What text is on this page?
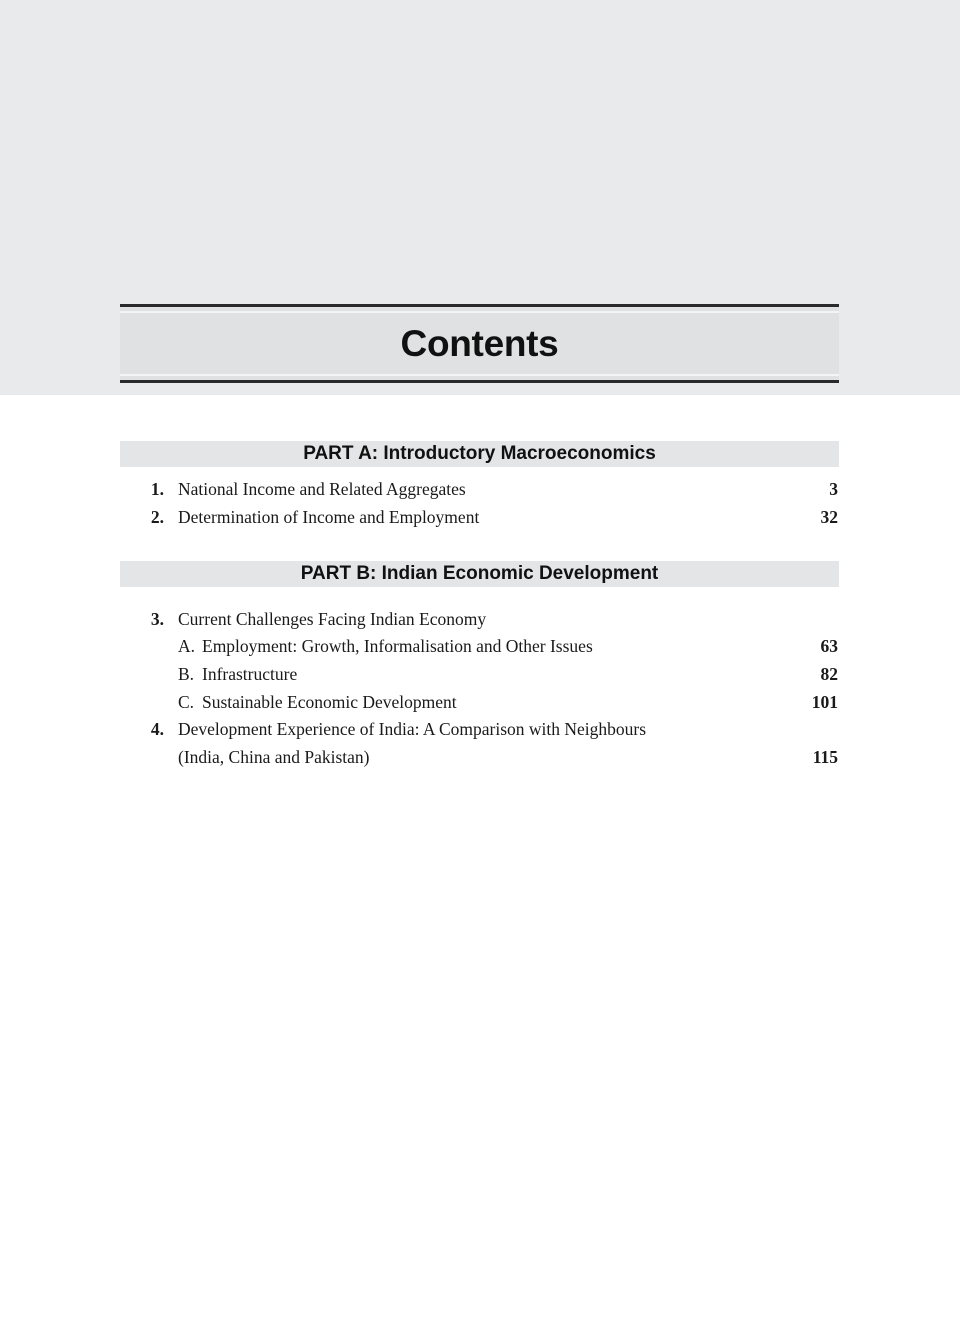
Contents
PART A: Introductory Macroeconomics
1. National Income and Related Aggregates	3
2. Determination of Income and Employment	32
PART B: Indian Economic Development
3. Current Challenges Facing Indian Economy
A. Employment: Growth, Informalisation and Other Issues	63
B. Infrastructure	82
C. Sustainable Economic Development	101
4. Development Experience of India: A Comparison with Neighbours
(India, China and Pakistan)	115
